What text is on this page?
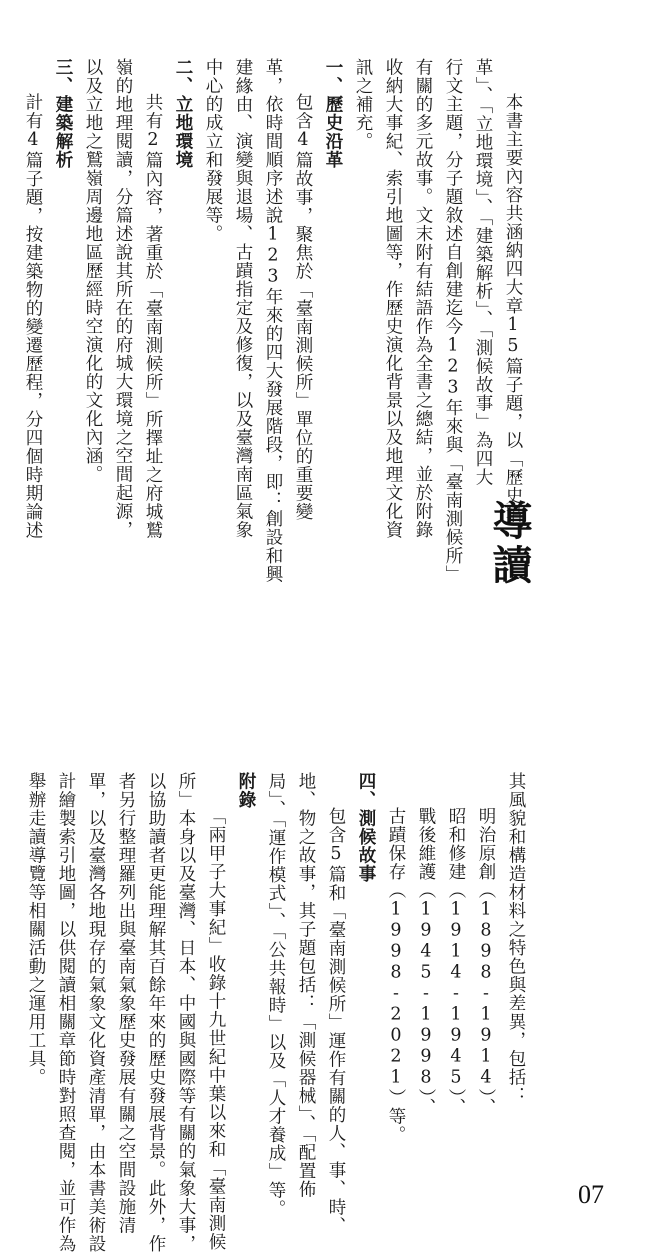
本書主要內容共涵納四大章15篇子題，以「歷史沿
革」、「立地環境」、「建築解析」、「測候故事」為四大
行文主題，分子題敘述自創建迄今123年來與「臺南測候所」
有關的多元故事。文末附有結語作為全書之總結，並於附錄
收納大事紀、索引地圖等，作歷史演化背景以及地理文化資
訊之補充。
一、歷史沿革
包含4篇故事，聚焦於「臺南測候所」單位的重要變
革，依時間順序述說123年來的四大發展階段，即：創設和興
建緣由、演變與退場、古蹟指定及修復，以及臺灣南區氣象
中心的成立和發展等。
二、立地環境
共有2篇內容，著重於「臺南測候所」所擇址之府城鷲
嶺的地理閱讀，分篇述說其所在的府城大環境之空間起源，
以及立地之鷲嶺周邊地區歷經時空演化的文化內涵。
三、建築解析
計有4篇子題，按建築物的變遷歷程，分四個時期論述
導讀
其風貌和構造材料之特色與差異，包括：
明治原創（1898-1914）、
昭和修建（1914-1945）、
戰後維護（1945-1998）、
古蹟保存（1998-2021）等。
四、測候故事
包含5篇和「臺南測候所」運作有關的人、事、時、
地、物之故事，其子題包括：「測候器械」、「配置佈
局」、「運作模式」、「公共報時」以及「人才養成」等。
附錄
「兩甲子大事紀」收錄十九世紀中葉以來和「臺南測候
所」本身以及臺灣、日本、中國與國際等有關的氣象大事，
以協助讀者更能理解其百餘年來的歷史發展背景。此外，作
者另行整理羅列出與臺南氣象歷史發展有關之空間設施清
單，以及臺灣各地現存的氣象文化資產清單，由本書美術設
計繪製索引地圖，以供閱讀相關章節時對照查閱，並可作為
舉辦走讀導覽等相關活動之運用工具。
07
